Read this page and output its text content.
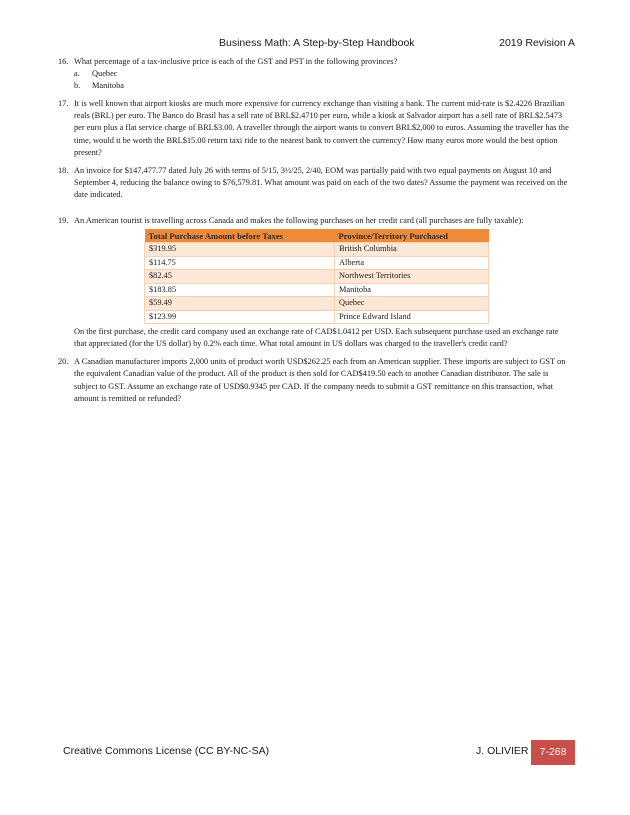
Business Math: A Step-by-Step Handbook	2019 Revision A
16. What percentage of a tax-inclusive price is each of the GST and PST in the following provinces?

a. Quebec
b. Manitoba
17. It is well known that airport kiosks are much more expensive for currency exchange than visiting a bank. The current mid-rate is $2.4226 Brazilian reals (BRL) per euro. The Banco do Brasil has a sell rate of BRL$2.4710 per euro, while a kiosk at Salvador airport has a sell rate of BRL$2.5473 per euro plus a flat service charge of BRL$3.00. A traveller through the airport wants to convert BRL$2,000 to euros. Assuming the traveller has the time, would it be worth the BRL$15.00 return taxi ride to the nearest bank to convert the currency? How many euros more would the best option present?

18. An invoice for $147,477.77 dated July 26 with terms of 5/15, 3½/25, 2/40, EOM was partially paid with two equal payments on August 10 and September 4, reducing the balance owing to $76,579.81. What amount was paid on each of the two dates? Assume the payment was received on the date indicated.

19. An American tourist is travelling across Canada and makes the following purchases on her credit card (all purchases are fully taxable):

Total Purchase Amount before Taxes	Province/Territory Purchased
$319.95	British Columbia
$114.75	Alberta
$82.45	Northwest Territories
$183.85	Manitoba
$59.49	Quebec
$123.99	Prince Edward Island

On the first purchase, the credit card company used an exchange rate of CAD$1.0412 per USD. Each subsequent purchase used an exchange rate that appreciated (for the US dollar) by 0.2% each time. What total amount in US dollars was charged to the traveller's credit card?

20. A Canadian manufacturer imports 2,000 units of product worth USD$262.25 each from an American supplier. These imports are subject to GST on the equivalent Canadian value of the product. All of the product is then sold for CAD$419.50 each to another Canadian distributor. The sale is subject to GST. Assume an exchange rate of USD$0.9345 per CAD. If the company needs to submit a GST remittance on this transaction, what amount is remitted or refunded?

Creative Commons License (CC BY-NC-SA)	J. OLIVIER	7-268
